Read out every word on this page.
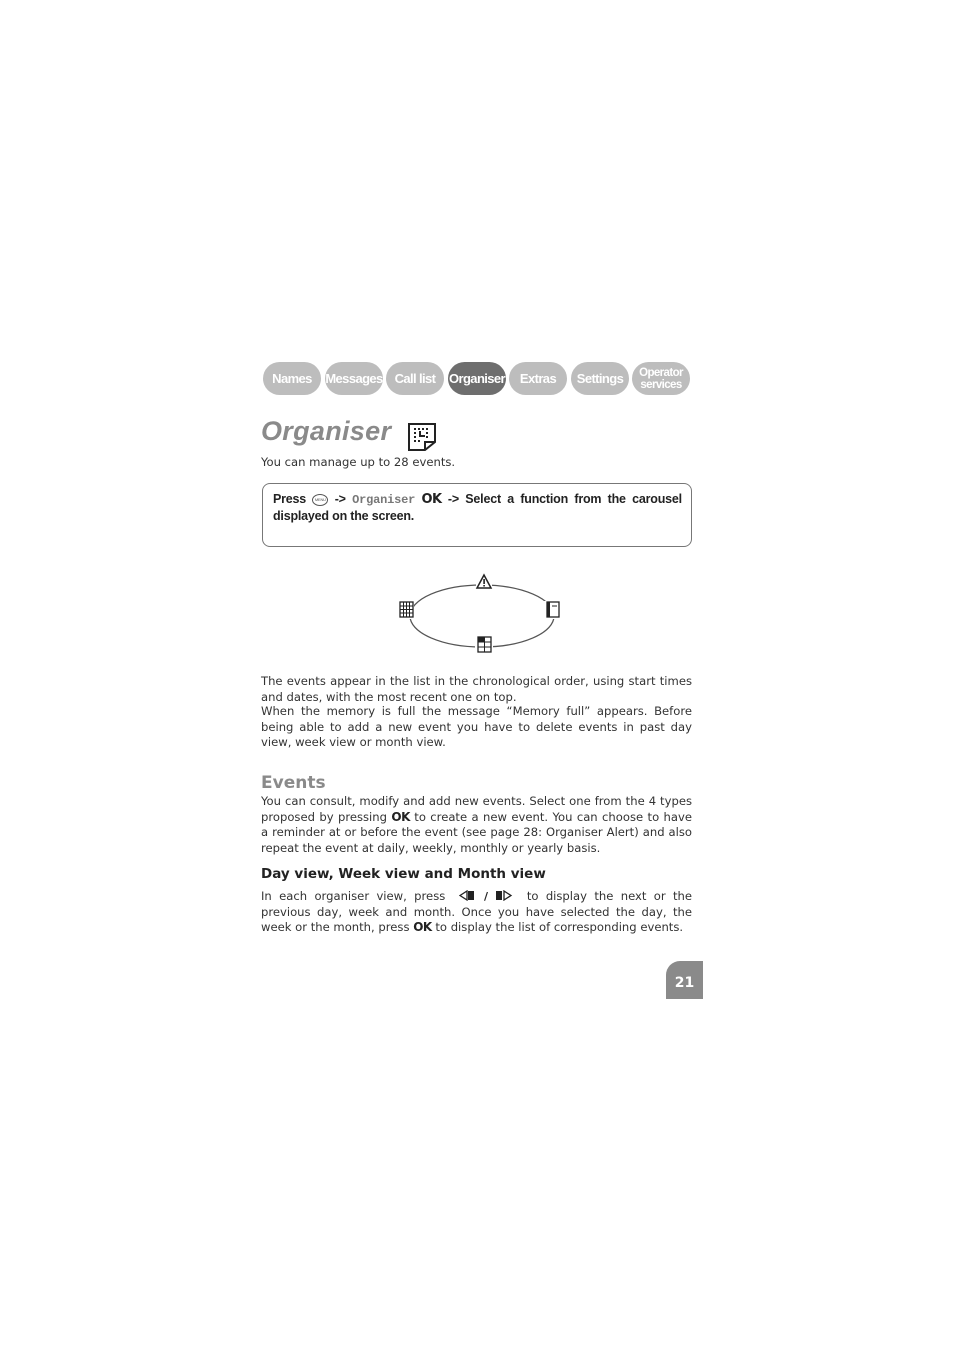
Names Messages Call list Organiser Extras Settings Operator
services
Organiser

You can manage up to 28 events.

Press MENU -> Organiser OK -> Select a function from the carousel displayed on the screen.

The events appear in the list in the chronological order, using start times and dates, with the most recent one on top.

When the memory is full the message “Memory full” appears. Before being able to add a new event you have to delete events in past day view, week view or month view.

Events

You can consult, modify and add new events. Select one from the 4 types proposed by pressing OK to create a new event. You can choose to have a reminder at or before the event (see page 28: Organiser Alert) and also repeat the event at daily, weekly, monthly or yearly basis.

Day view, Week view and Month view

In each organiser view, press	/	to display the next or the previous day, week and month. Once you have selected the day, the week or the month, press OK to display the list of corresponding events.

21
